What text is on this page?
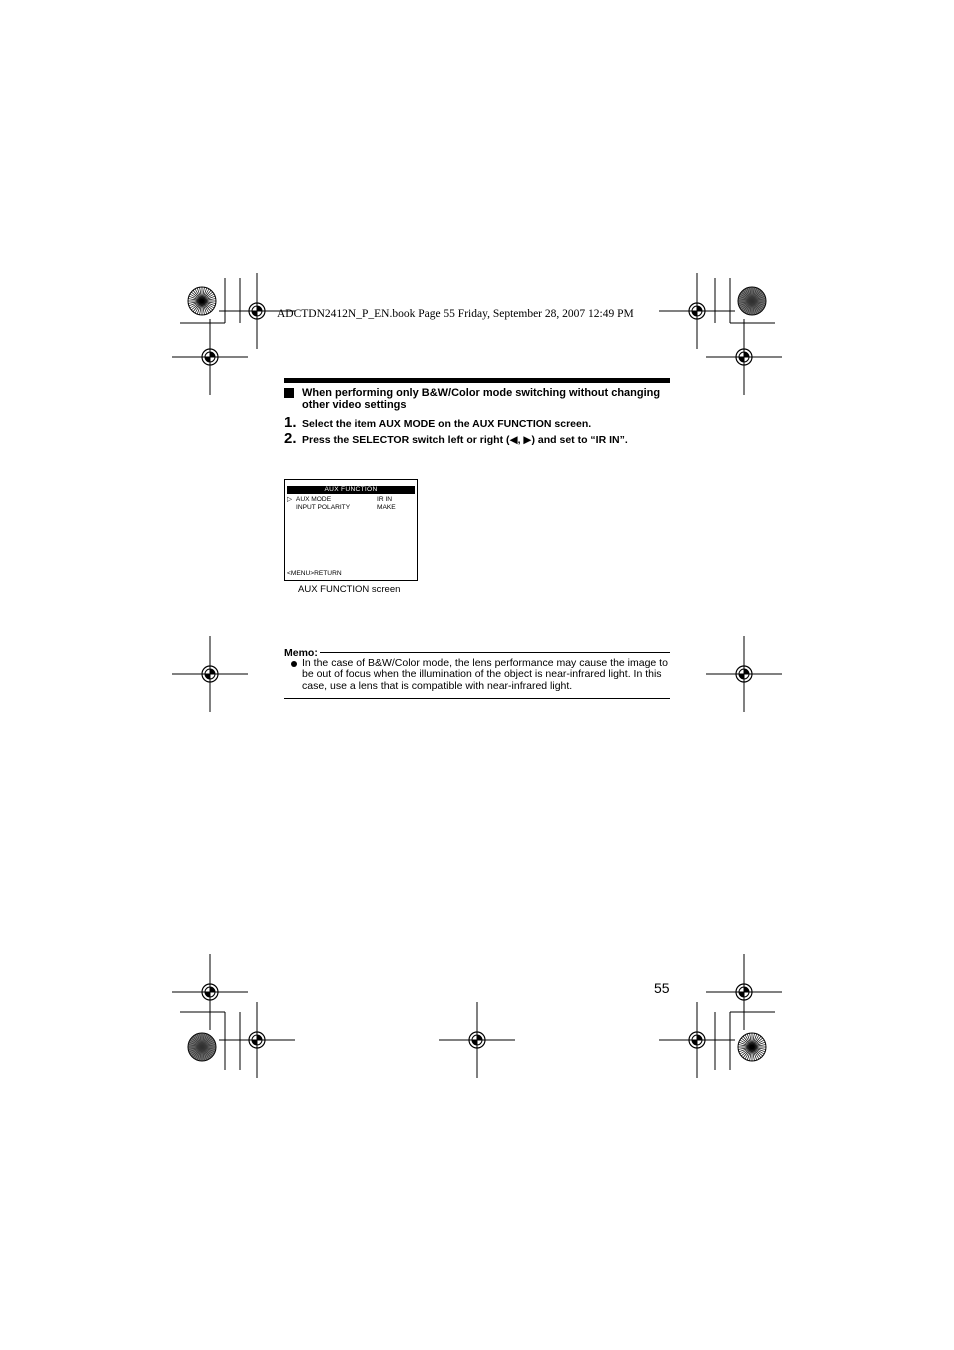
ADCTDN2412N_P_EN.book Page 55 Friday, September 28, 2007 12:49 PM
When performing only B&W/Color mode switching without changing other video settings
1. Select the item AUX MODE on the AUX FUNCTION screen.
2. Press the SELECTOR switch left or right (◀, ▶) and set to “IR IN”.
AUX FUNCTION
▷ AUX MODE	IR IN
INPUT POLARITY	MAKE
<MENU>RETURN
AUX FUNCTION screen
Memo:
In the case of B&W/Color mode, the lens performance may cause the image to be out of focus when the illumination of the object is near-infrared light. In this case, use a lens that is compatible with near-infrared light.
55
